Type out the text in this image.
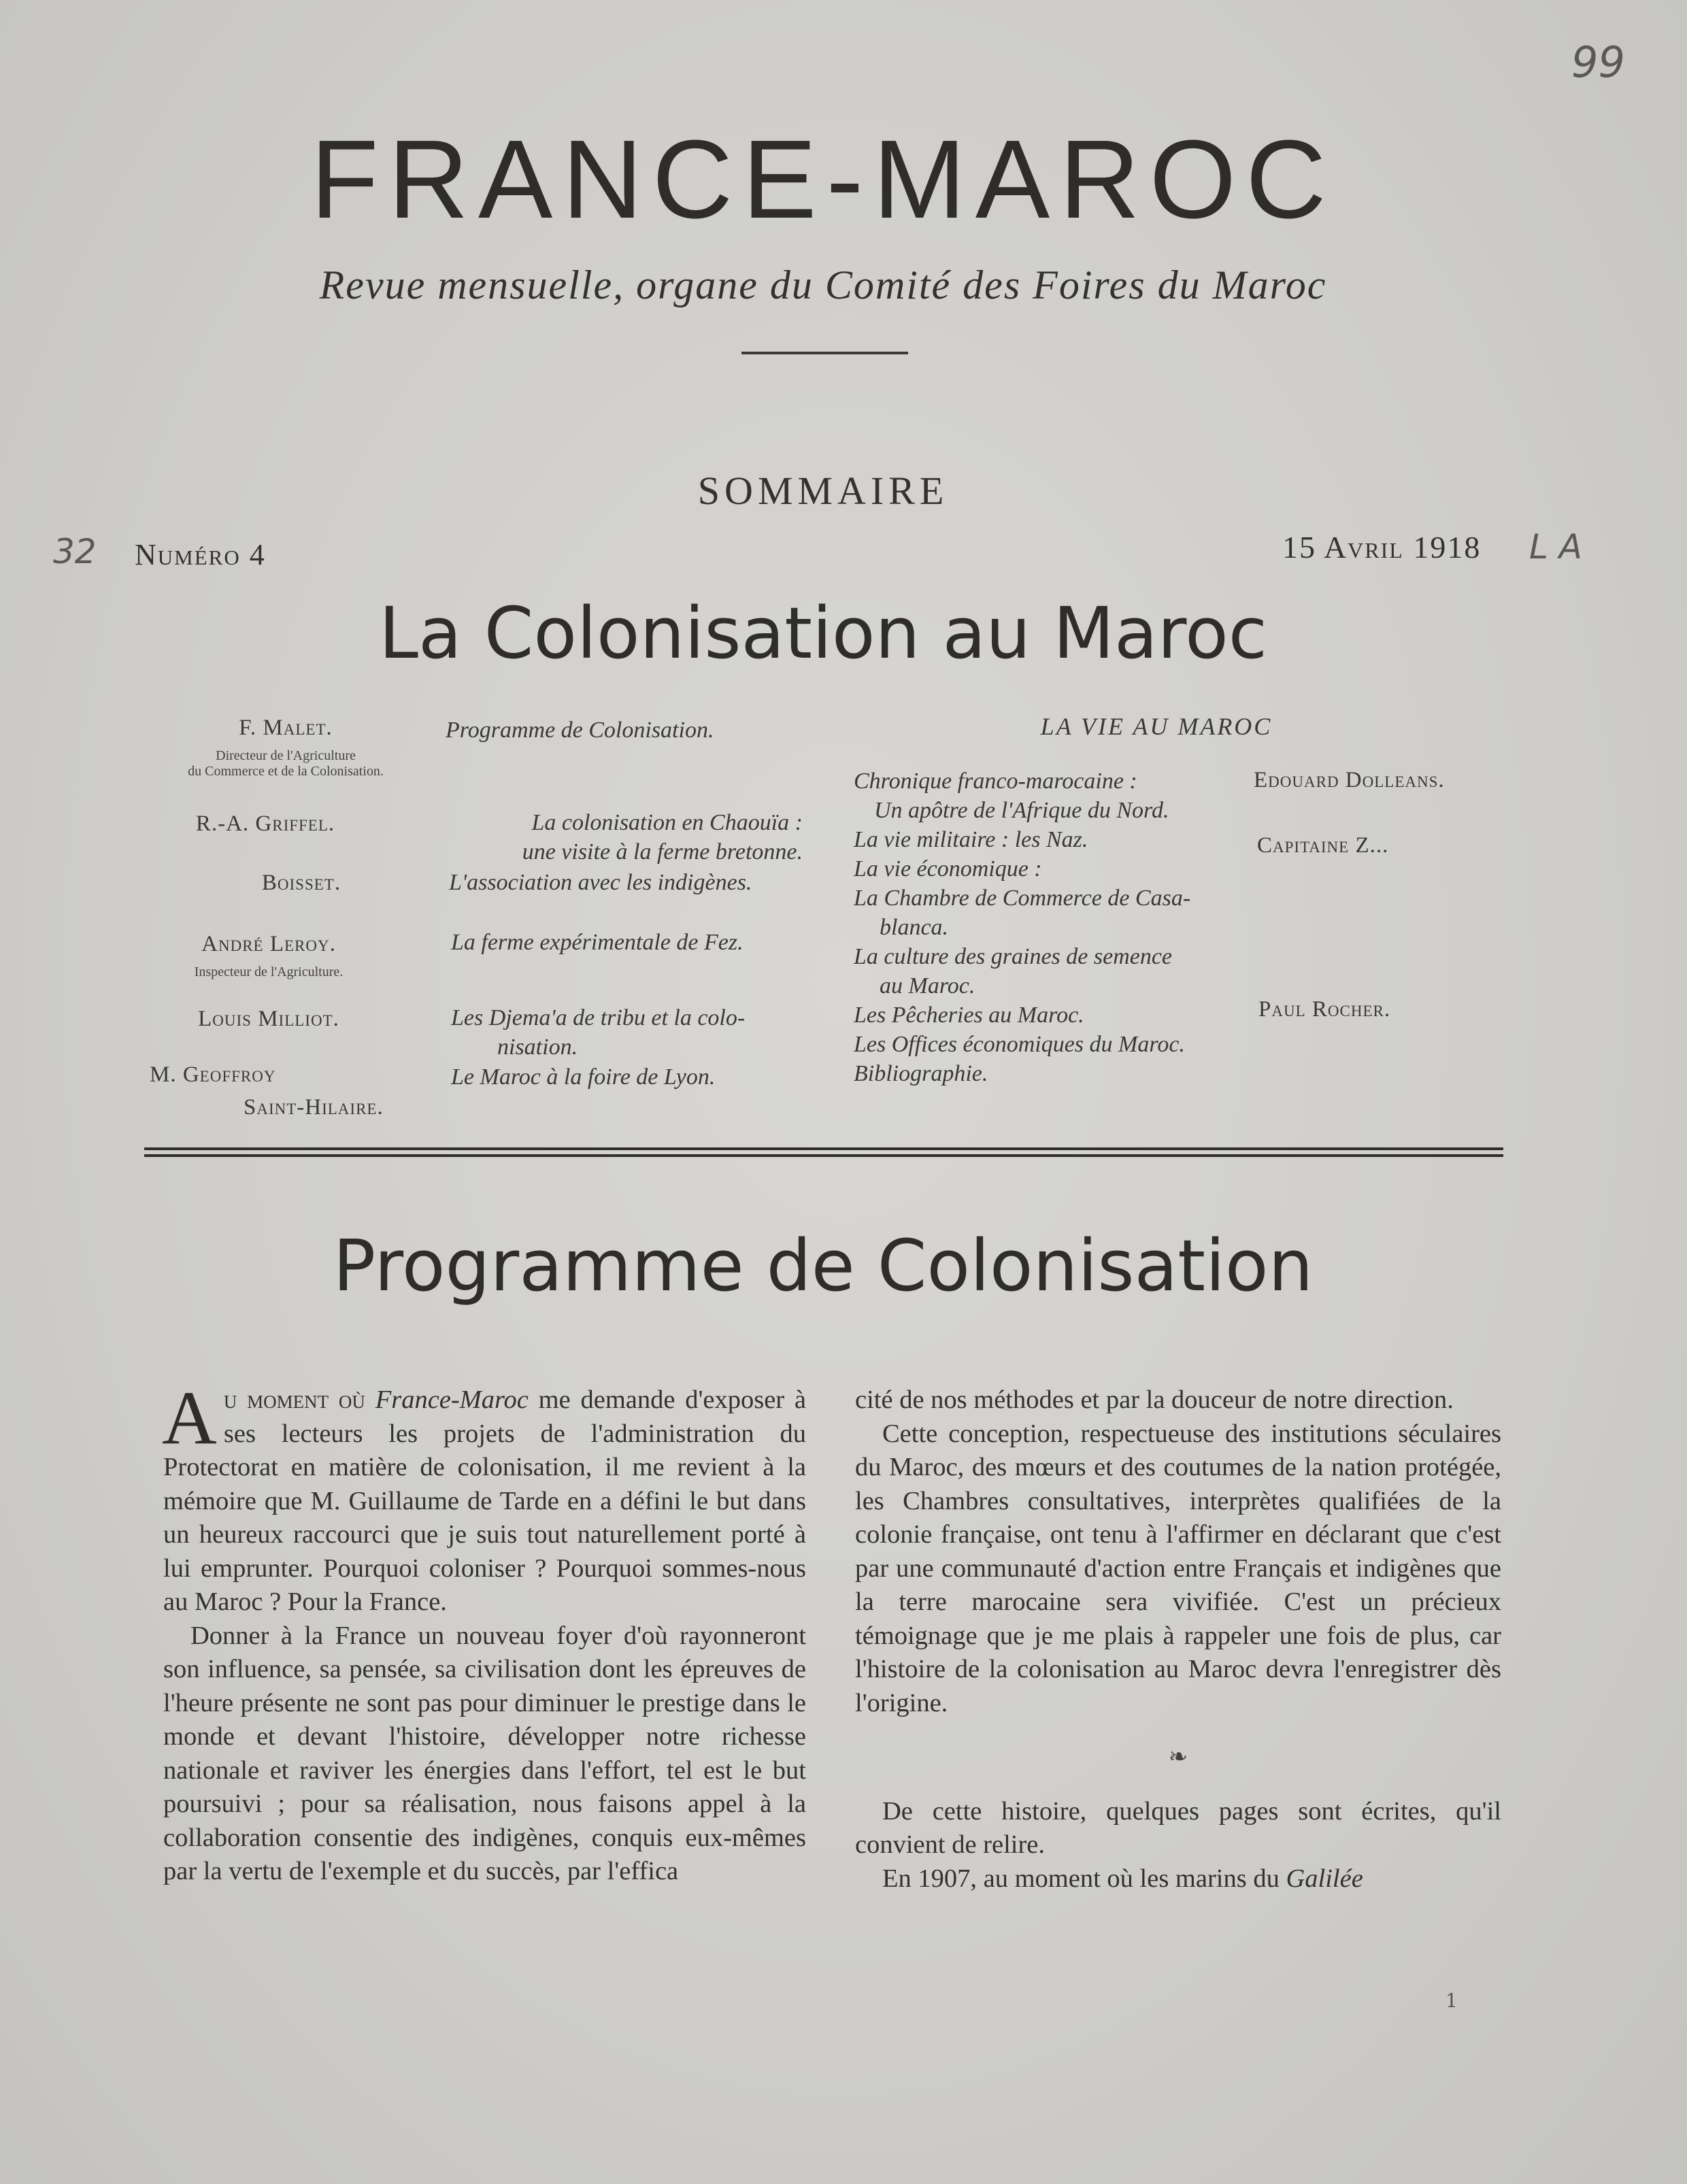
99
32	L A
FRANCE-MAROC
Revue mensuelle, organe du Comité des Foires du Maroc
SOMMAIRE
Numéro 4	15 Avril 1918
La Colonisation au Maroc
F. Malet.
Directeur de l'Agriculture
du Commerce et de la Colonisation.
R.-A. Griffel.
Boisset.
André Leroy.
Inspecteur de l'Agriculture.
Louis Milliot.
M. Geoffroy
Saint-Hilaire.
Programme de Colonisation.
La colonisation en Chaouïa :
une visite à la ferme bretonne.
L'association avec les indigènes.
La ferme expérimentale de Fez.
Les Djema'a de tribu et la colo-
nisation.
Le Maroc à la foire de Lyon.
LA VIE AU MAROC
Chronique franco-marocaine :
Un apôtre de l'Afrique du Nord.
La vie militaire : les Naz.
La vie économique :
La Chambre de Commerce de Casa-
blanca.
La culture des graines de semence
au Maroc.
Les Pêcheries au Maroc.
Les Offices économiques du Maroc.
Bibliographie.
Edouard Dolleans.
Capitaine Z...
Paul Rocher.
Programme de Colonisation

Au moment où France-Maroc me demande d'exposer à ses lecteurs les projets de l'administration du Protectorat en matière de colonisation, il me revient à la mémoire que M. Guillaume de Tarde en a défini le but dans un heureux raccourci que je suis tout naturellement porté à lui emprunter. Pourquoi coloniser ? Pourquoi sommes-nous au Maroc ? Pour la France.

Donner à la France un nouveau foyer d'où rayonneront son influence, sa pensée, sa civilisation dont les épreuves de l'heure présente ne sont pas pour diminuer le prestige dans le monde et devant l'histoire, développer notre richesse nationale et raviver les énergies dans l'effort, tel est le but poursuivi ; pour sa réalisation, nous faisons appel à la collaboration consentie des indigènes, conquis eux-mêmes par la vertu de l'exemple et du succès, par l'effica

cité de nos méthodes et par la douceur de notre direction.

Cette conception, respectueuse des institutions séculaires du Maroc, des mœurs et des coutumes de la nation protégée, les Chambres consultatives, interprètes qualifiées de la colonie française, ont tenu à l'affirmer en déclarant que c'est par une communauté d'action entre Français et indigènes que la terre marocaine sera vivifiée. C'est un précieux témoignage que je me plais à rappeler une fois de plus, car l'histoire de la colonisation au Maroc devra l'enregistrer dès l'origine.

❧

De cette histoire, quelques pages sont écrites, qu'il convient de relire.

En 1907, au moment où les marins du Galilée

1
